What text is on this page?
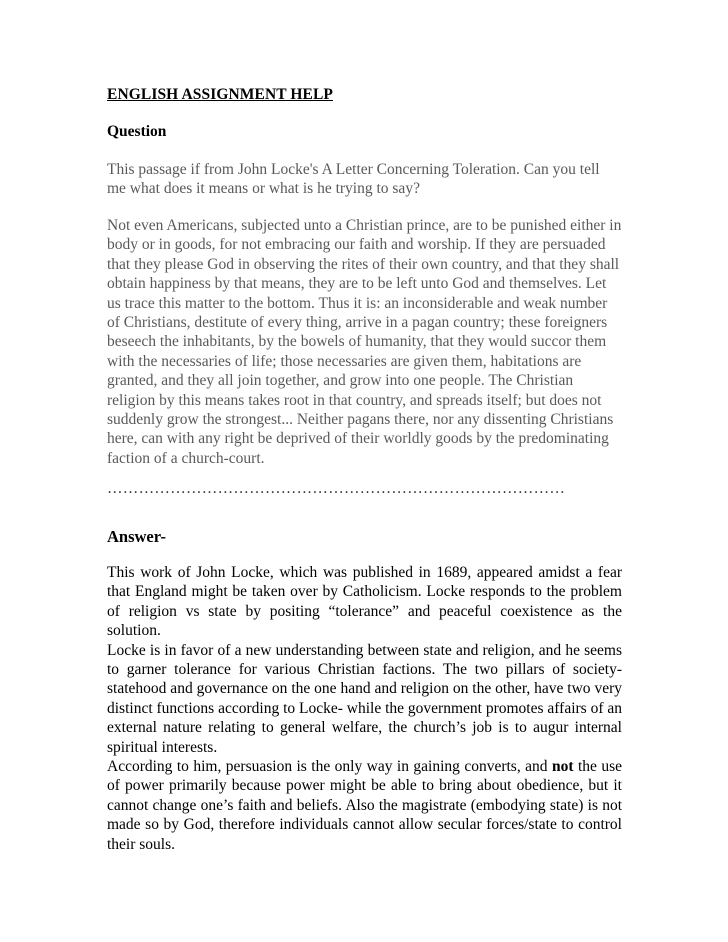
ENGLISH ASSIGNMENT HELP
Question
This passage if from John Locke's A Letter Concerning Toleration. Can you tell me what does it means or what is he trying to say?
Not even Americans, subjected unto a Christian prince, are to be punished either in body or in goods, for not embracing our faith and worship. If they are persuaded that they please God in observing the rites of their own country, and that they shall obtain happiness by that means, they are to be left unto God and themselves. Let us trace this matter to the bottom. Thus it is: an inconsiderable and weak number of Christians, destitute of every thing, arrive in a pagan country; these foreigners beseech the inhabitants, by the bowels of humanity, that they would succor them with the necessaries of life; those necessaries are given them, habitations are granted, and they all join together, and grow into one people. The Christian religion by this means takes root in that country, and spreads itself; but does not suddenly grow the strongest... Neither pagans there, nor any dissenting Christians here, can with any right be deprived of their worldly goods by the predominating faction of a church-court.
……………………………………………………………………………
Answer-

This work of John Locke, which was published in 1689, appeared amidst a fear that England might be taken over by Catholicism. Locke responds to the problem of religion vs state by positing “tolerance” and peaceful coexistence as the solution.

Locke is in favor of a new understanding between state and religion, and he seems to garner tolerance for various Christian factions. The two pillars of society- statehood and governance on the one hand and religion on the other, have two very distinct functions according to Locke- while the government promotes affairs of an external nature relating to general welfare, the church’s job is to augur internal spiritual interests.

According to him, persuasion is the only way in gaining converts, and not the use of power primarily because power might be able to bring about obedience, but it cannot change one’s faith and beliefs. Also the magistrate (embodying state) is not made so by God, therefore individuals cannot allow secular forces/state to control their souls.
